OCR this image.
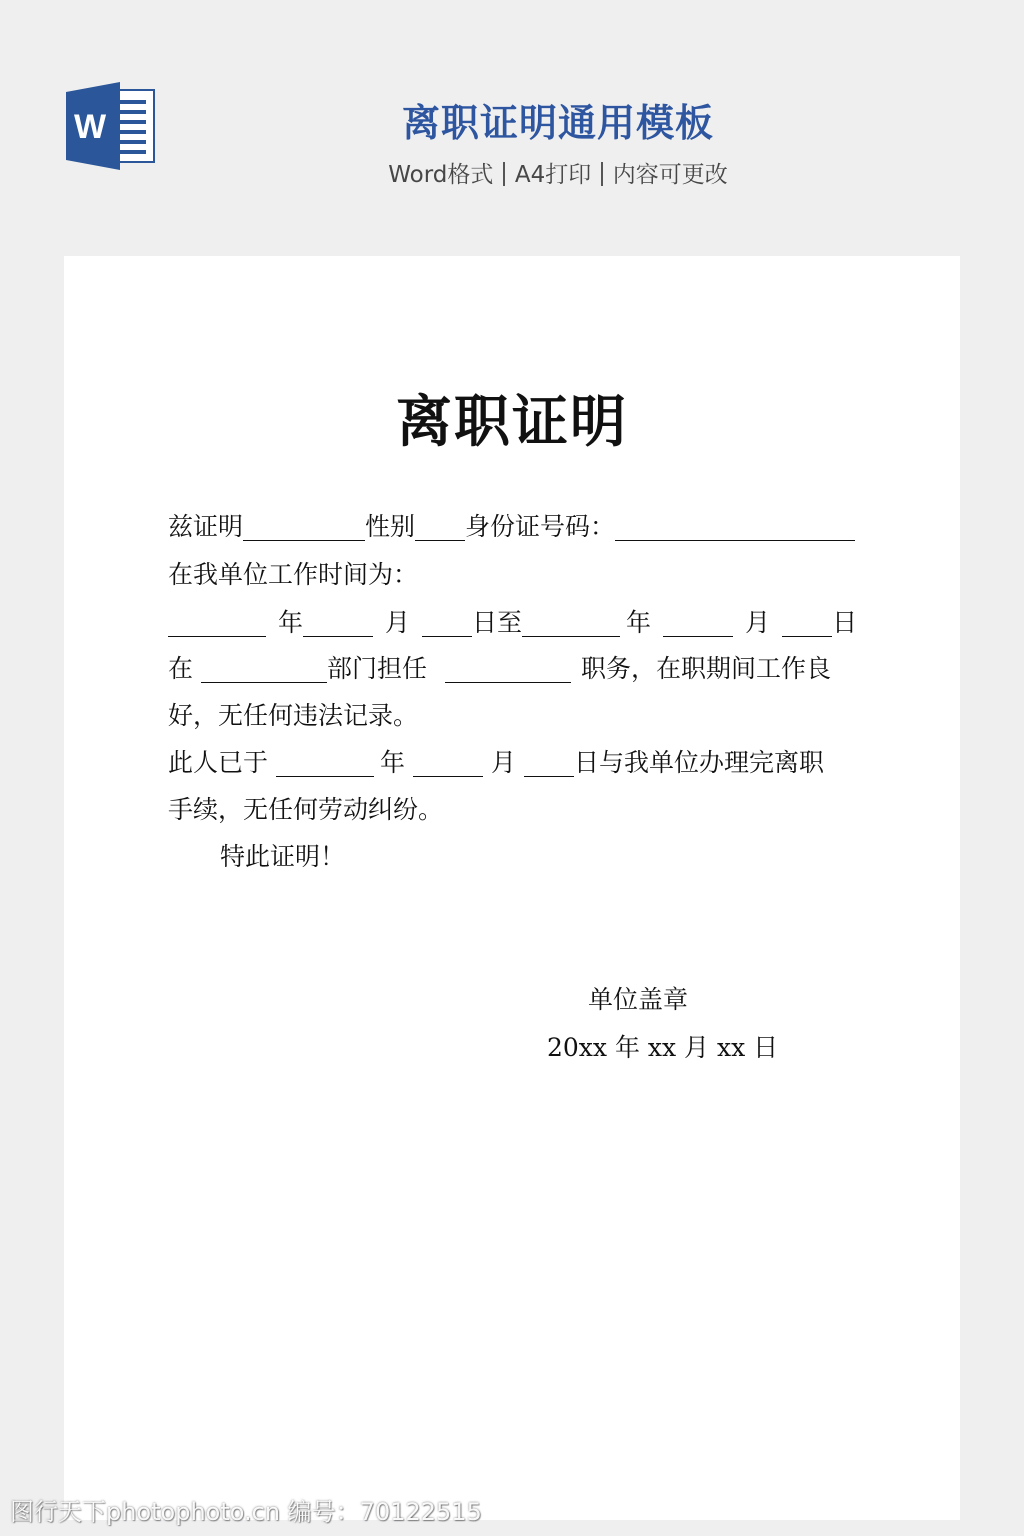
W	离职证明通用模板
Word格式 A4打印 内容可更改
离职证明
兹证明	性别 身份证号码：
在我单位工作时间为：
年	月 日至	年	月 日
在	部门担任	职务，在职期间工作良
好，无任何违法记录。
此人已于	年	月 日与我单位办理完离职
手续，无任何劳动纠纷。
特此证明！
单位盖章
20xx 年 xx 月 xx 日
图行天下photophoto.cn 编号：70122515
